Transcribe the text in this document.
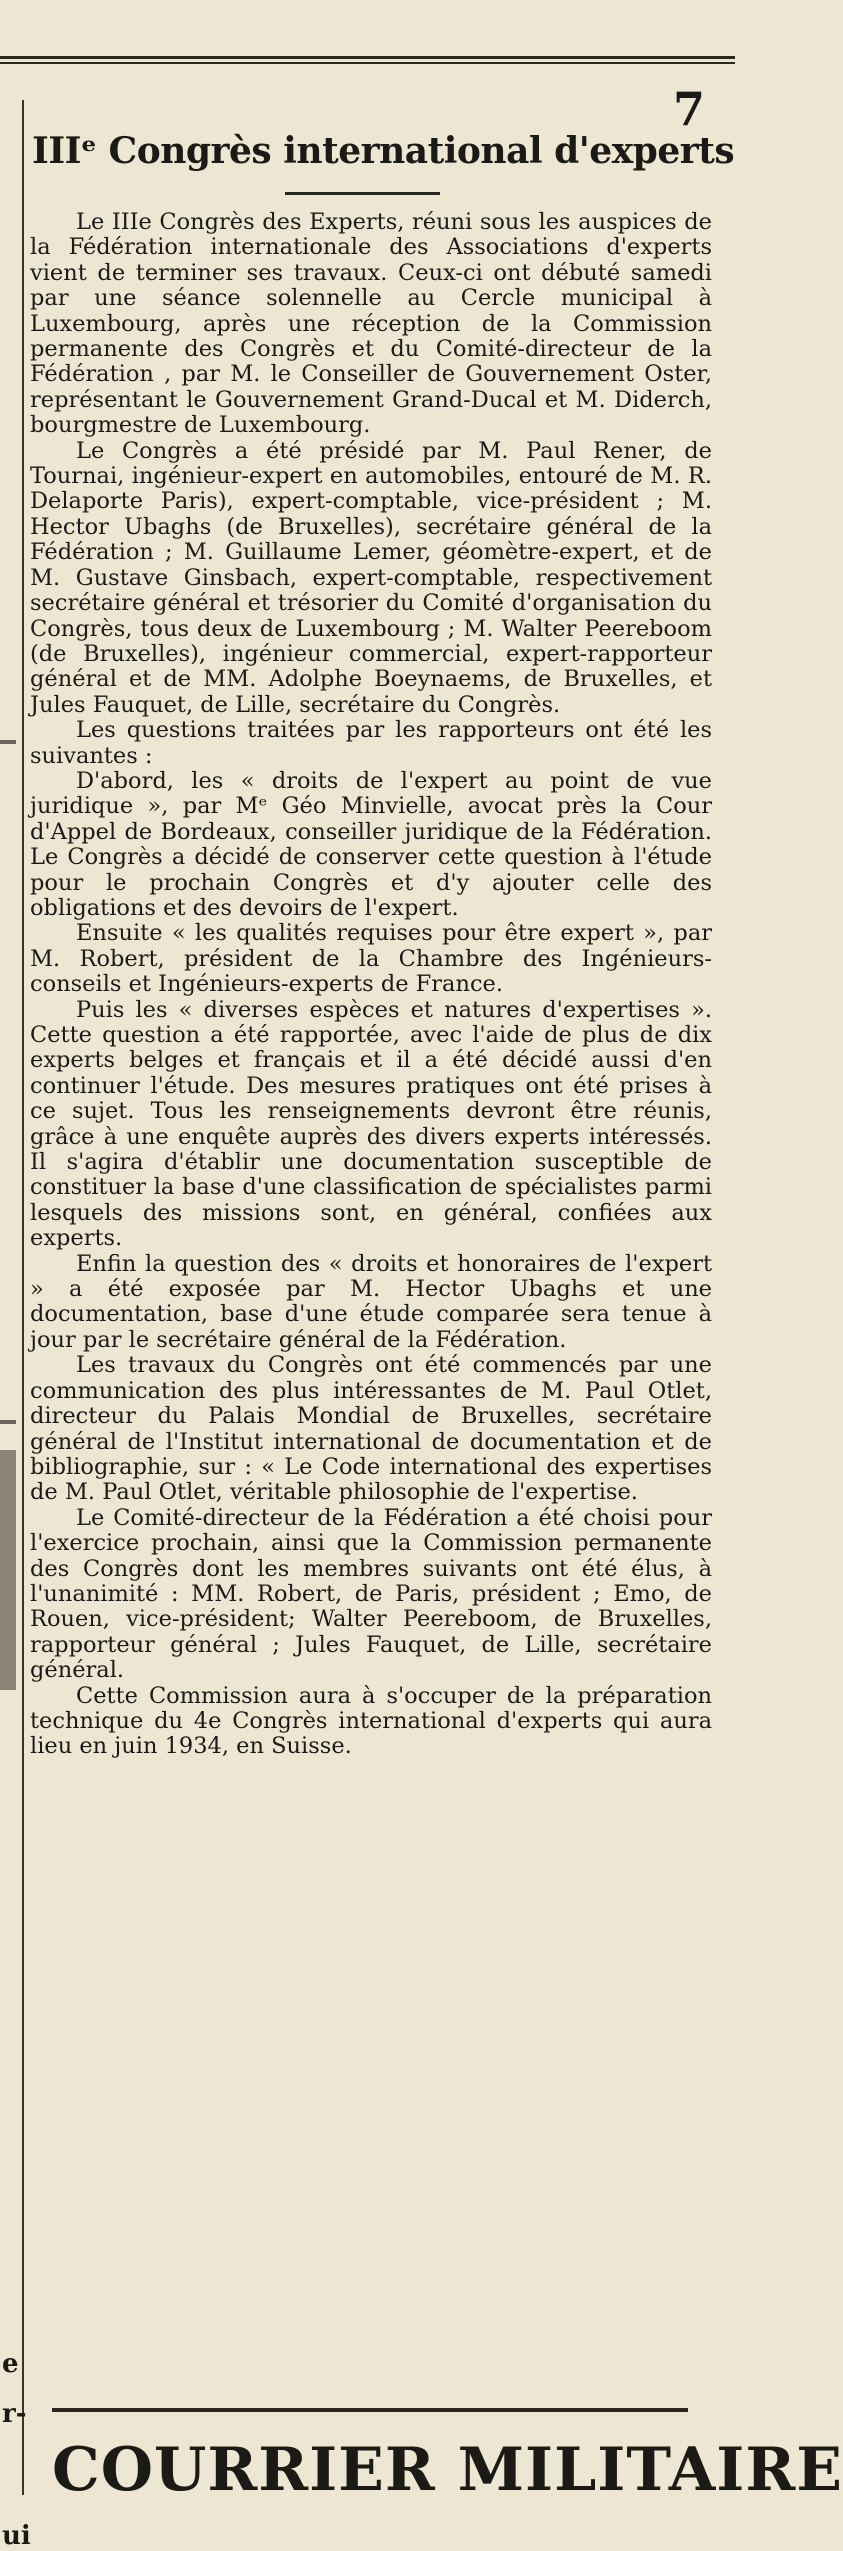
7
e
r-
ui
IIIᵉ Congrès international d'experts

Le IIIe Congrès des Experts, réuni sous les auspices de la Fédération internationale des Associations d'experts vient de terminer ses travaux. Ceux-ci ont débuté samedi par une séance solennelle au Cercle municipal à Luxembourg, après une réception de la Commission permanente des Congrès et du Comité-directeur de la Fédération , par M. le Conseiller de Gouvernement Oster, représentant le Gouvernement Grand-Ducal et M. Diderch, bourgmestre de Luxembourg.

Le Congrès a été présidé par M. Paul Rener, de Tournai, ingénieur-expert en automobiles, entouré de M. R. Delaporte Paris), expert-comptable, vice-président ; M. Hector Ubaghs (de Bruxelles), secrétaire général de la Fédération ; M. Guillaume Lemer, géomètre-expert, et de M. Gustave Ginsbach, expert-comptable, respectivement secrétaire général et trésorier du Comité d'organisation du Congrès, tous deux de Luxembourg ; M. Walter Peereboom (de Bruxelles), ingénieur commercial, expert-rapporteur général et de MM. Adolphe Boeynaems, de Bruxelles, et Jules Fauquet, de Lille, secrétaire du Congrès.

Les questions traitées par les rapporteurs ont été les suivantes :

D'abord, les « droits de l'expert au point de vue juridique », par Mᵉ Géo Minvielle, avocat près la Cour d'Appel de Bordeaux, conseiller juridique de la Fédération. Le Congrès a décidé de conserver cette question à l'étude pour le prochain Congrès et d'y ajouter celle des obligations et des devoirs de l'expert.

Ensuite « les qualités requises pour être expert », par M. Robert, président de la Chambre des Ingénieurs-conseils et Ingénieurs-experts de France.

Puis les « diverses espèces et natures d'expertises ». Cette question a été rapportée, avec l'aide de plus de dix experts belges et français et il a été décidé aussi d'en continuer l'étude. Des mesures pratiques ont été prises à ce sujet. Tous les renseignements devront être réunis, grâce à une enquête auprès des divers experts intéressés. Il s'agira d'établir une documentation susceptible de constituer la base d'une classification de spécialistes parmi lesquels des missions sont, en général, confiées aux experts.

Enfin la question des « droits et honoraires de l'expert » a été exposée par M. Hector Ubaghs et une documentation, base d'une étude comparée sera tenue à jour par le secrétaire général de la Fédération.

Les travaux du Congrès ont été commencés par une communication des plus intéressantes de M. Paul Otlet, directeur du Palais Mondial de Bruxelles, secrétaire général de l'Institut international de documentation et de bibliographie, sur : « Le Code international des expertises de M. Paul Otlet, véritable philosophie de l'expertise.

Le Comité-directeur de la Fédération a été choisi pour l'exercice prochain, ainsi que la Commission permanente des Congrès dont les membres suivants ont été élus, à l'unanimité : MM. Robert, de Paris, président ; Emo, de Rouen, vice-président; Walter Peereboom, de Bruxelles, rapporteur général ; Jules Fauquet, de Lille, secrétaire général.

Cette Commission aura à s'occuper de la préparation technique du 4e Congrès international d'experts qui aura lieu en juin 1934, en Suisse.

COURRIER MILITAIRE
